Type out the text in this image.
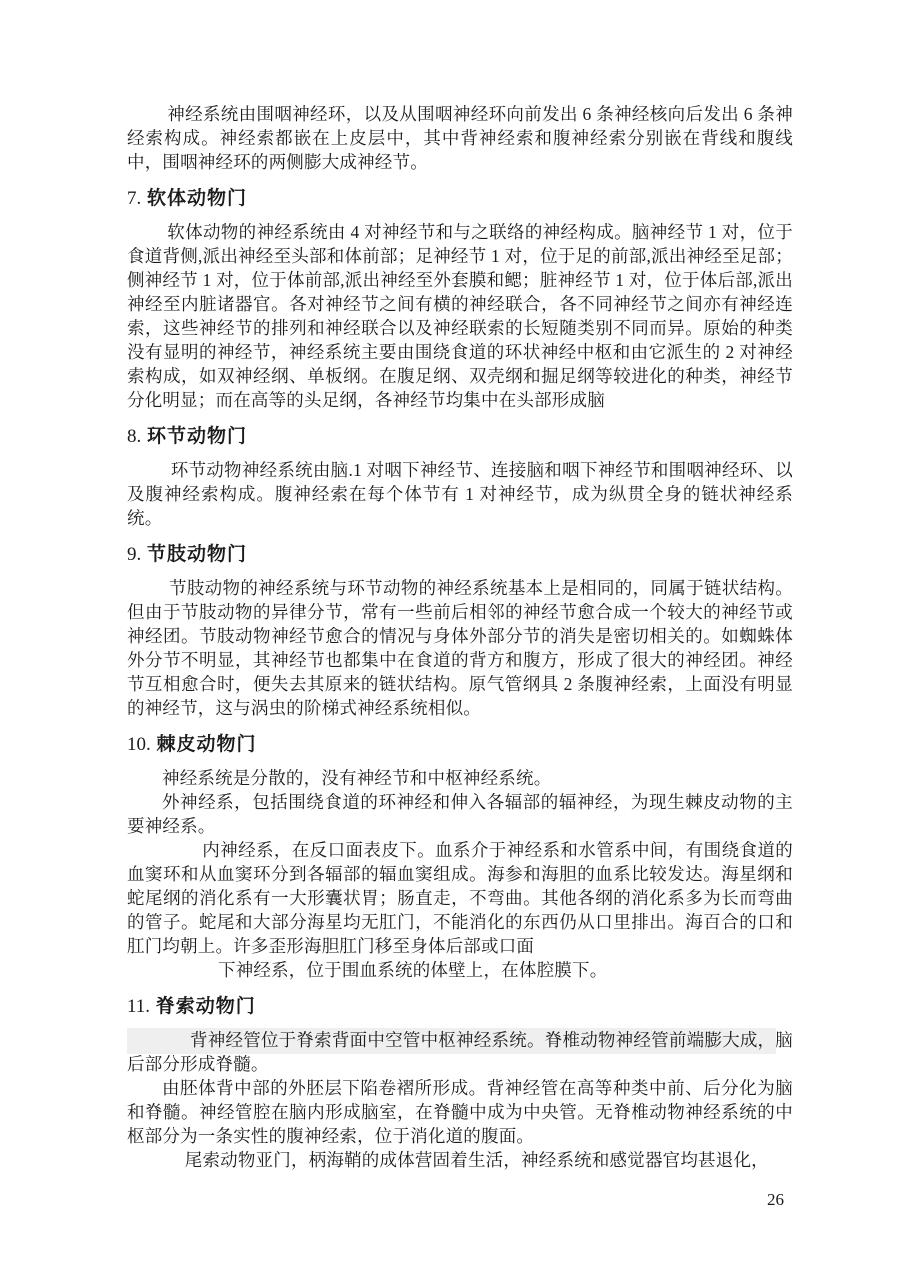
神经系统由围咽神经环，以及从围咽神经环向前发出 6 条神经核向后发出 6 条神经索构成。神经索都嵌在上皮层中，其中背神经索和腹神经索分别嵌在背线和腹线中，围咽神经环的两侧膨大成神经节。

7. 软体动物门

软体动物的神经系统由 4 对神经节和与之联络的神经构成。脑神经节 1 对，位于食道背侧,派出神经至头部和体前部；足神经节 1 对，位于足的前部,派出神经至足部；侧神经节 1 对，位于体前部,派出神经至外套膜和鳃；脏神经节 1 对，位于体后部,派出神经至内脏诸器官。各对神经节之间有横的神经联合，各不同神经节之间亦有神经连索，这些神经节的排列和神经联合以及神经联索的长短随类别不同而异。原始的种类没有显明的神经节，神经系统主要由围绕食道的环状神经中枢和由它派生的 2 对神经索构成，如双神经纲、单板纲。在腹足纲、双壳纲和掘足纲等较进化的种类，神经节分化明显；而在高等的头足纲，各神经节均集中在头部形成脑

8. 环节动物门

环节动物神经系统由脑.1 对咽下神经节、连接脑和咽下神经节和围咽神经环、以及腹神经索构成。腹神经索在每个体节有 1 对神经节，成为纵贯全身的链状神经系统。

9. 节肢动物门

节肢动物的神经系统与环节动物的神经系统基本上是相同的，同属于链状结构。但由于节肢动物的异律分节，常有一些前后相邻的神经节愈合成一个较大的神经节或神经团。节肢动物神经节愈合的情况与身体外部分节的消失是密切相关的。如蜘蛛体外分节不明显，其神经节也都集中在食道的背方和腹方，形成了很大的神经团。神经节互相愈合时，便失去其原来的链状结构。原气管纲具 2 条腹神经索，上面没有明显的神经节，这与涡虫的阶梯式神经系统相似。

10. 棘皮动物门

神经系统是分散的，没有神经节和中枢神经系统。

外神经系，包括围绕食道的环神经和伸入各辐部的辐神经，为现生棘皮动物的主要神经系。

内神经系，在反口面表皮下。血系介于神经系和水管系中间，有围绕食道的血窦环和从血窦环分到各辐部的辐血窦组成。海参和海胆的血系比较发达。海星纲和蛇尾纲的消化系有一大形囊状胃；肠直走，不弯曲。其他各纲的消化系多为长而弯曲的管子。蛇尾和大部分海星均无肛门，不能消化的东西仍从口里排出。海百合的口和肛门均朝上。许多歪形海胆肛门移至身体后部或口面

下神经系，位于围血系统的体壁上，在体腔膜下。

11. 脊索动物门

背神经管位于脊索背面中空管中枢神经系统。脊椎动物神经管前端膨大成，脑后部分形成脊髓。

由胚体背中部的外胚层下陷卷褶所形成。背神经管在高等种类中前、后分化为脑和脊髓。神经管腔在脑内形成脑室，在脊髓中成为中央管。无脊椎动物神经系统的中枢部分为一条实性的腹神经索，位于消化道的腹面。

尾索动物亚门，柄海鞘的成体营固着生活，神经系统和感觉器官均甚退化，

26
